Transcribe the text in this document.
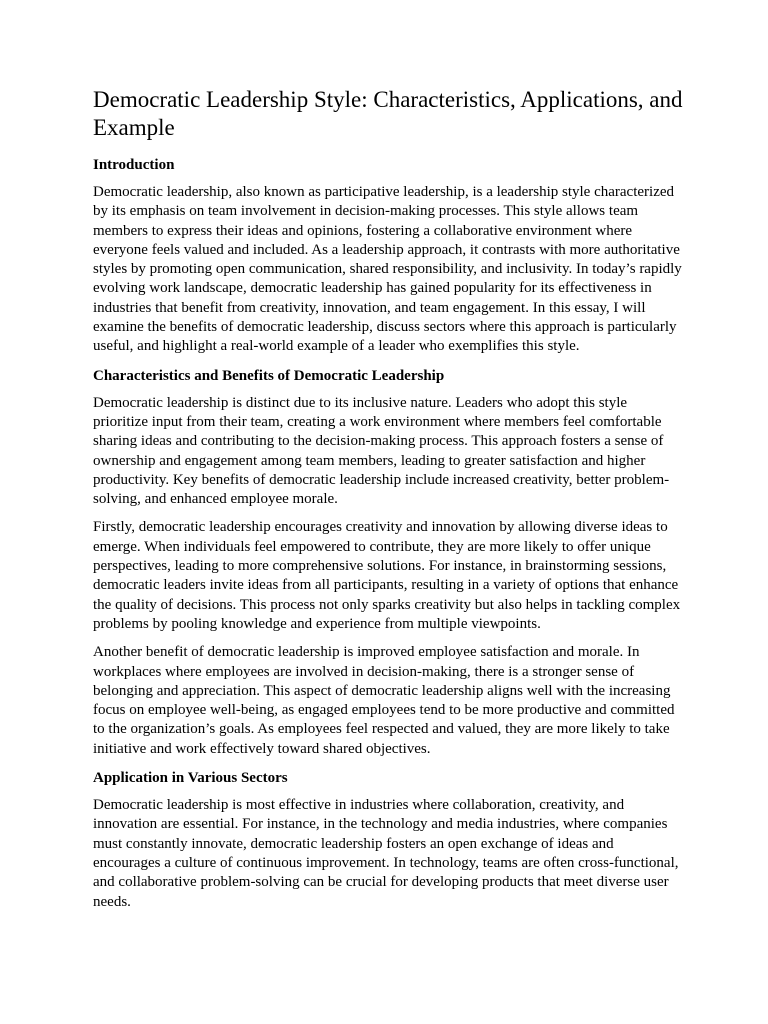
Democratic Leadership Style: Characteristics, Applications, and Example
Introduction

Democratic leadership, also known as participative leadership, is a leadership style characterized by its emphasis on team involvement in decision-making processes. This style allows team members to express their ideas and opinions, fostering a collaborative environment where everyone feels valued and included. As a leadership approach, it contrasts with more authoritative styles by promoting open communication, shared responsibility, and inclusivity. In today’s rapidly evolving work landscape, democratic leadership has gained popularity for its effectiveness in industries that benefit from creativity, innovation, and team engagement. In this essay, I will examine the benefits of democratic leadership, discuss sectors where this approach is particularly useful, and highlight a real-world example of a leader who exemplifies this style.

Characteristics and Benefits of Democratic Leadership

Democratic leadership is distinct due to its inclusive nature. Leaders who adopt this style prioritize input from their team, creating a work environment where members feel comfortable sharing ideas and contributing to the decision-making process. This approach fosters a sense of ownership and engagement among team members, leading to greater satisfaction and higher productivity. Key benefits of democratic leadership include increased creativity, better problem-solving, and enhanced employee morale.

Firstly, democratic leadership encourages creativity and innovation by allowing diverse ideas to emerge. When individuals feel empowered to contribute, they are more likely to offer unique perspectives, leading to more comprehensive solutions. For instance, in brainstorming sessions, democratic leaders invite ideas from all participants, resulting in a variety of options that enhance the quality of decisions. This process not only sparks creativity but also helps in tackling complex problems by pooling knowledge and experience from multiple viewpoints.

Another benefit of democratic leadership is improved employee satisfaction and morale. In workplaces where employees are involved in decision-making, there is a stronger sense of belonging and appreciation. This aspect of democratic leadership aligns well with the increasing focus on employee well-being, as engaged employees tend to be more productive and committed to the organization’s goals. As employees feel respected and valued, they are more likely to take initiative and work effectively toward shared objectives.

Application in Various Sectors

Democratic leadership is most effective in industries where collaboration, creativity, and innovation are essential. For instance, in the technology and media industries, where companies must constantly innovate, democratic leadership fosters an open exchange of ideas and encourages a culture of continuous improvement. In technology, teams are often cross-functional, and collaborative problem-solving can be crucial for developing products that meet diverse user needs.
